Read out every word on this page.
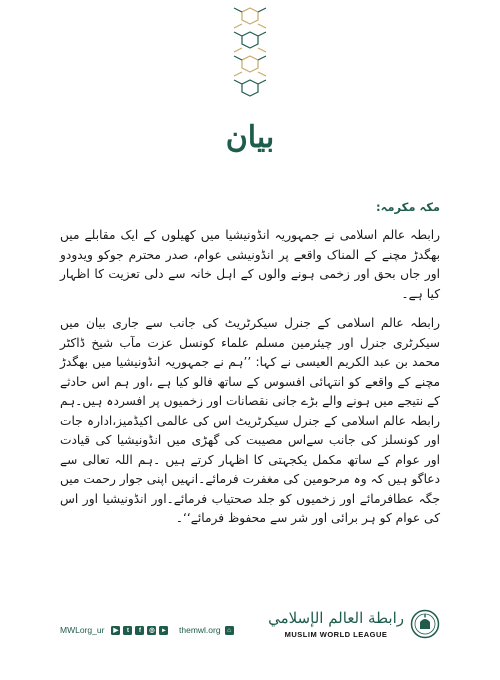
بیان

مکہ مکرمہ:

رابطہ عالم اسلامی نے جمہوریہ انڈونیشیا میں کھیلوں کے ایک مقابلے میں بھگدڑ مچنے کے المناک واقعے پر انڈونیشی عوام، صدر محترم جوکو ویدودو اور جاں بحق اور زخمی ہونے والوں کے اہل خانہ سے دلی تعزیت کا اظہار کیا ہے۔

رابطہ عالم اسلامی کے جنرل سیکرٹریٹ کی جانب سے جاری بیان میں سیکرٹری جنرل اور چیئرمین مسلم علماء کونسل عزت مآب شیخ ڈاکٹر محمد بن عبد الکریم العیسی نے کہا: ’’ہم نے جمہوریہ انڈونیشیا میں بھگدڑ مچنے کے واقعے کو انتہائی افسوس کے ساتھ فالو کیا ہے ،اور ہم اس حادثے کے نتیجے میں ہونے والے بڑے جانی نقصانات اور زخمیوں پر افسردہ ہیں۔ہم رابطہ عالم اسلامی کے جنرل سیکرٹریٹ اس کی عالمی اکیڈمیز،ادارہ جات اور کونسلز کی جانب سےاس مصیبت کی گھڑی میں انڈونیشیا کی قیادت اور عوام کے ساتھ مکمل یکجہتی کا اظہار کرتے ہیں ۔ہم اللہ تعالی سے دعاگو ہیں کہ وہ مرحومین کی مغفرت فرمائے۔انہیں اپنی جوار رحمت میں جگہ عطافرمائے اور زخمیوں کو جلد صحتیاب فرمائے۔اور انڈونیشیا اور اس کی عوام کو ہر برائی اور شر سے محفوظ فرمائے‘‘۔

MWLorg_ur	▶	t	f	◎	▸	themwl.org	⌂
رابطة العالم الإسلامي
MUSLIM WORLD LEAGUE
